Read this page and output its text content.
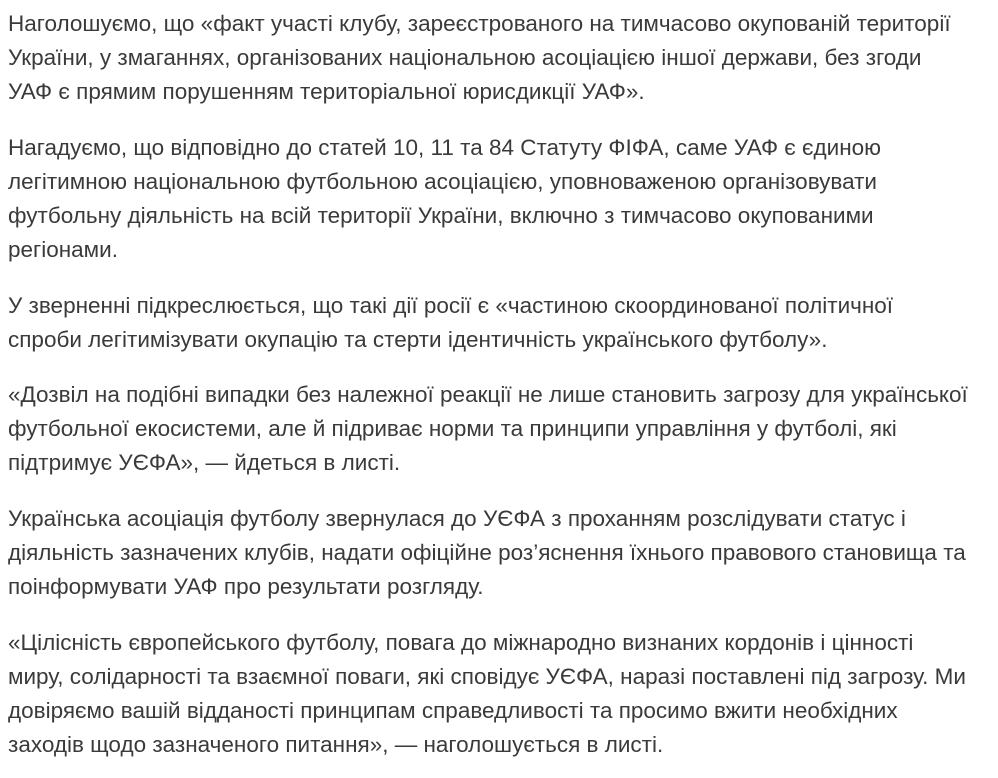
Наголошуємо, що «факт участі клубу, зареєстрованого на тимчасово окупованій території
України, у змаганнях, організованих національною асоціацією іншої держави, без згоди
УАФ є прямим порушенням територіальної юрисдикції УАФ».

Нагадуємо, що відповідно до статей 10, 11 та 84 Статуту ФІФА, саме УАФ є єдиною
легітимною національною футбольною асоціацією, уповноваженою організовувати
футбольну діяльність на всій території України, включно з тимчасово окупованими
регіонами.

У зверненні підкреслюється, що такі дії росії є «частиною скоординованої політичної
спроби легітимізувати окупацію та стерти ідентичність українського футболу».

«Дозвіл на подібні випадки без належної реакції не лише становить загрозу для української
футбольної екосистеми, але й підриває норми та принципи управління у футболі, які
підтримує УЄФА», — йдеться в листі.

Українська асоціація футболу звернулася до УЄФА з проханням розслідувати статус і
діяльність зазначених клубів, надати офіційне роз’яснення їхнього правового становища та
поінформувати УАФ про результати розгляду.

«Цілісність європейського футболу, повага до міжнародно визнаних кордонів і цінності
миру, солідарності та взаємної поваги, які сповідує УЄФА, наразі поставлені під загрозу. Ми
довіряємо вашій відданості принципам справедливості та просимо вжити необхідних
заходів щодо зазначеного питання», — наголошується в листі.
